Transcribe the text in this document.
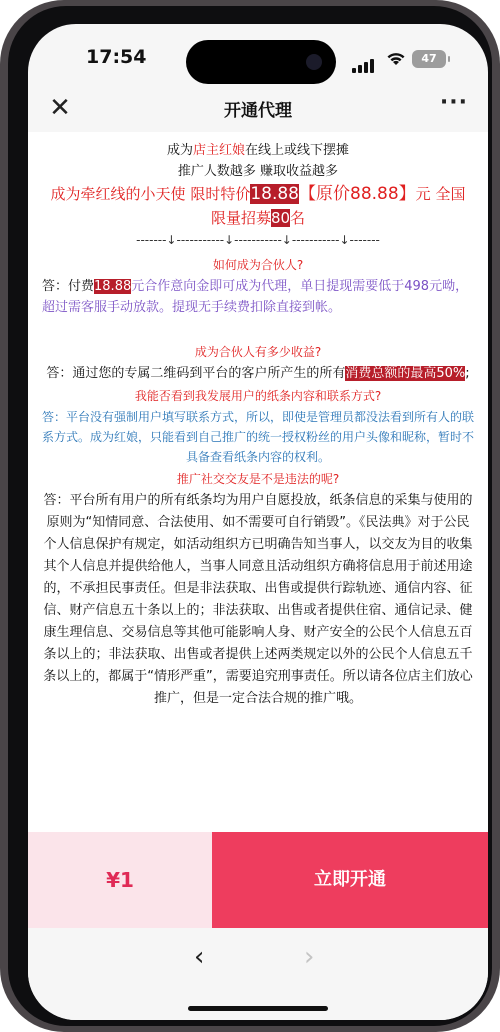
17:54	47
✕	开通代理	···
成为店主红娘在线上或线下摆摊
推广人数越多 赚取收益越多
成为牵红线的小天使 限时特价18.88【原价88.88】元 全国
限量招募80名
-------↓-----------↓-----------↓-----------↓-------
如何成为合伙人?
答：付费18.88元合作意向金即可成为代理，单日提现需要低于498元呦，超过需客服手动放款。提现无手续费扣除直接到帐。
成为合伙人有多少收益?
答：通过您的专属二维码到平台的客户所产生的所有消费总额的最高50%;
我能否看到我发展用户的纸条内容和联系方式?
答：平台没有强制用户填写联系方式，所以，即使是管理员都没法看到所有人的联系方式。成为红娘，只能看到自己推广的统一授权粉丝的用户头像和昵称，暂时不具备查看纸条内容的权利。
推广社交交友是不是违法的呢?
答：平台所有用户的所有纸条均为用户自愿投放，纸条信息的采集与使用的原则为“知情同意、合法使用、如不需要可自行销毁”。《民法典》对于公民个人信息保护有规定，如活动组织方已明确告知当事人，以交友为目的收集其个人信息并提供给他人，当事人同意且活动组织方确将信息用于前述用途的，不承担民事责任。但是非法获取、出售或提供行踪轨迹、通信内容、征信、财产信息五十条以上的；非法获取、出售或者提供住宿、通信记录、健康生理信息、交易信息等其他可能影响人身、财产安全的公民个人信息五百条以上的；非法获取、出售或者提供上述两类规定以外的公民个人信息五千条以上的，都属于“情形严重”，需要追究刑事责任。所以请各位店主们放心推广，但是一定合法合规的推广哦。
¥1	立即开通
‹	›
